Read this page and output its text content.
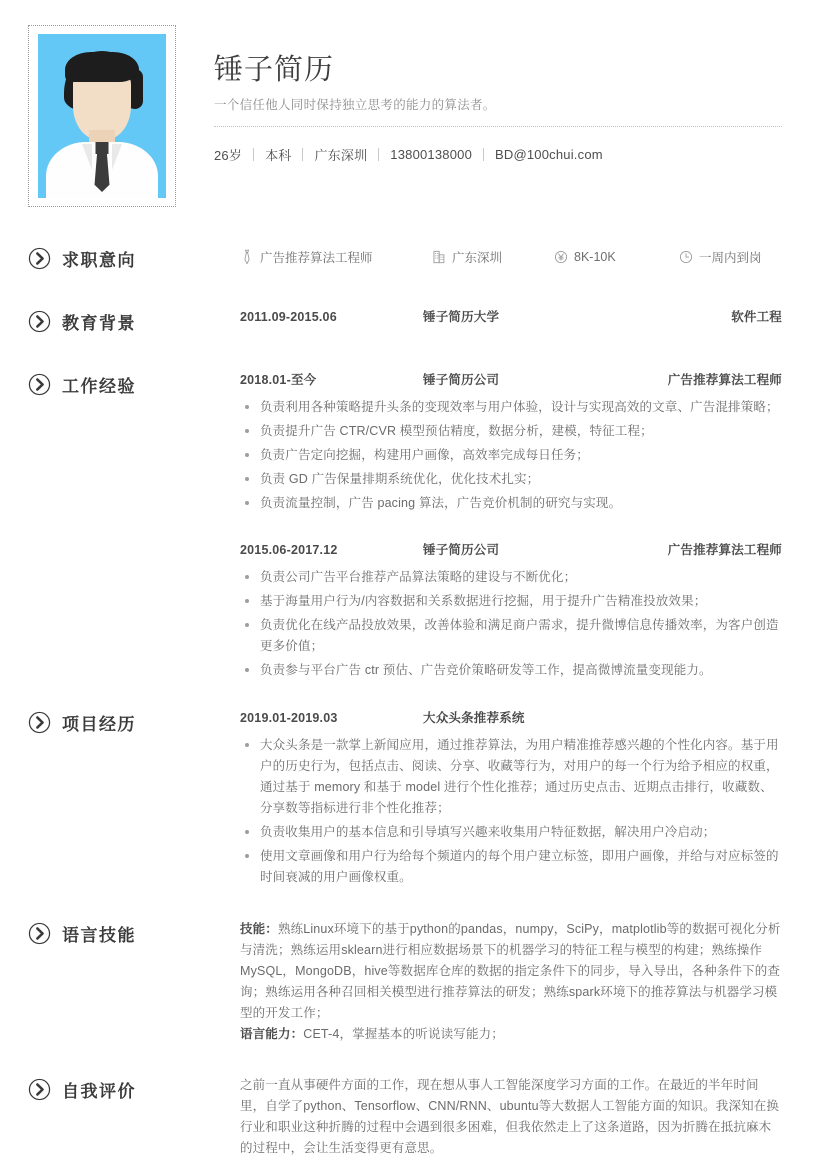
锤子简历
一个信任他人同时保持独立思考的能力的算法者。
26岁 本科 广东深圳 13800138000 BD@100chui.com
求职意向	广告推荐算法工程师	广东深圳	8K-10K	一周内到岗
教育背景	2011.09-2015.06	锤子简历大学	软件工程
工作经验	2018.01-至今	锤子简历公司	广告推荐算法工程师
负责利用各种策略提升头条的变现效率与用户体验，设计与实现高效的文章、广告混排策略；
负责提升广告 CTR/CVR 模型预估精度，数据分析，建模，特征工程；
负责广告定向挖掘，构建用户画像，高效率完成每日任务；
负责 GD 广告保量排期系统优化，优化技术扎实；
负责流量控制，广告 pacing 算法，广告竞价机制的研究与实现。
2015.06-2017.12	锤子简历公司	广告推荐算法工程师
负责公司广告平台推荐产品算法策略的建设与不断优化；
基于海量用户行为/内容数据和关系数据进行挖掘，用于提升广告精准投放效果；
负责优化在线产品投放效果，改善体验和满足商户需求，提升微博信息传播效率，为客户创造更多价值；
负责参与平台广告 ctr 预估、广告竞价策略研发等工作，提高微博流量变现能力。
项目经历	2019.01-2019.03	大众头条推荐系统
大众头条是一款掌上新闻应用，通过推荐算法，为用户精准推荐感兴趣的个性化内容。基于用户的历史行为，包括点击、阅读、分享、收藏等行为，对用户的每一个行为给予相应的权重，通过基于 memory 和基于 model 进行个性化推荐；通过历史点击、近期点击排行，收藏数、分享数等指标进行非个性化推荐；
负责收集用户的基本信息和引导填写兴趣来收集用户特征数据，解决用户冷启动；
使用文章画像和用户行为给每个频道内的每个用户建立标签，即用户画像，并给与对应标签的时间衰减的用户画像权重。
语言技能	技能：熟练Linux环境下的基于python的pandas，numpy，SciPy，matplotlib等的数据可视化分析与清洗；熟练运用sklearn进行相应数据场景下的机器学习的特征工程与模型的构建；熟练操作MySQL，MongoDB，hive等数据库仓库的数据的指定条件下的同步，导入导出，各种条件下的查询；熟练运用各种召回相关模型进行推荐算法的研发；熟练spark环境下的推荐算法与机器学习模型的开发工作；
语言能力：CET-4，掌握基本的听说读写能力；
自我评价	之前一直从事硬件方面的工作，现在想从事人工智能深度学习方面的工作。在最近的半年时间里，自学了python、Tensorflow、CNN/RNN、ubuntu等大数据人工智能方面的知识。我深知在换行业和职业这种折腾的过程中会遇到很多困难，但我依然走上了这条道路，因为折腾在抵抗麻木的过程中，会让生活变得更有意思。
